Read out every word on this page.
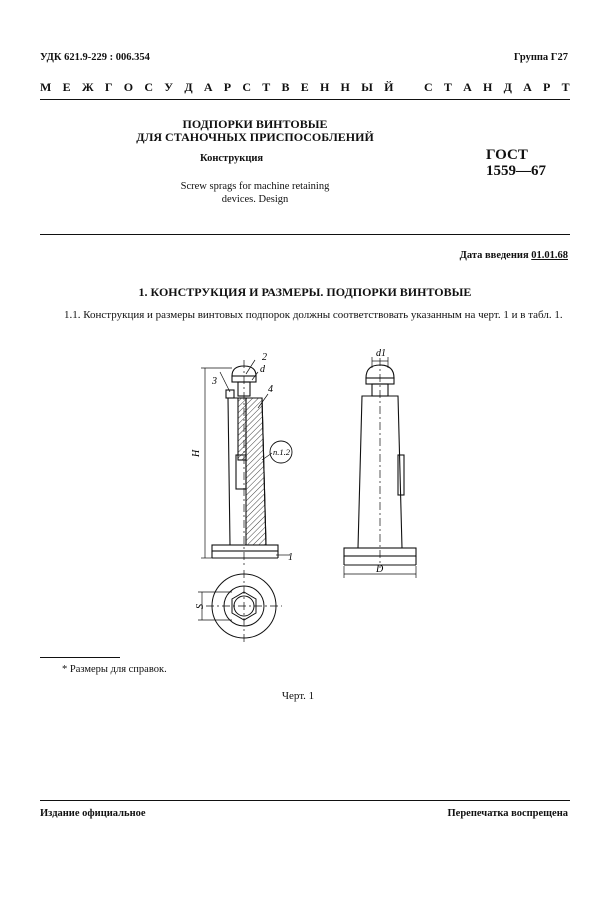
УДК 621.9-229 : 006.354	Группа Г27
М Е Ж Г О С У Д А Р С Т В Е Н Н Ы Й	С Т А Н Д А Р Т
ПОДПОРКИ ВИНТОВЫЕ
ДЛЯ СТАНОЧНЫХ ПРИСПОСОБЛЕНИЙ
Конструкция	ГОСТ
1559—67
Screw sprags for machine retaining
devices. Design
Дата введения 01.01.68
1. КОНСТРУКЦИЯ И РАЗМЕРЫ. ПОДПОРКИ ВИНТОВЫЕ
1.1. Конструкция и размеры винтовых подпорок должны соответствовать указанным на черт. 1 и в табл. 1.
2
d
3
4
H	п.1.2
1
S
d1
D
* Размеры для справок.
Черт. 1
Издание официальное	Перепечатка воспрещена
